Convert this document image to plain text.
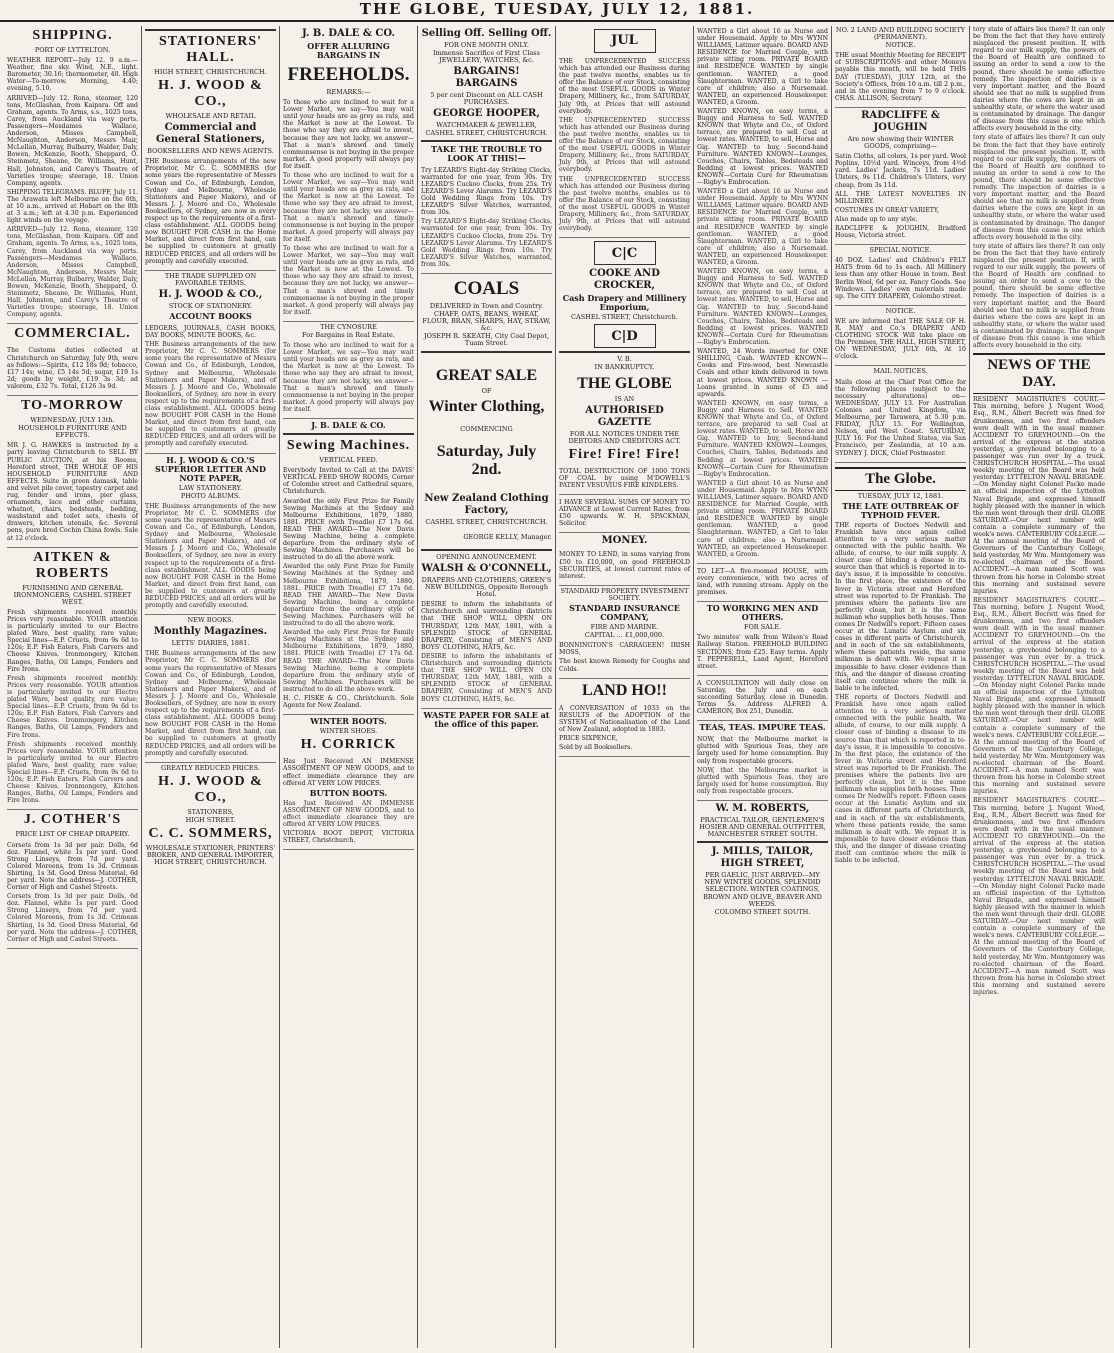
THE GLOBE, TUESDAY, JULY 12, 1881.
SHIPPING.
PORT OF LYTTELTON.

WEATHER REPORT—July 12. 9 a.m.—Weather, fine sky. Wind, N.E., light. Barometer, 30.16; thermometer, 40. High Water—To-morrow. Morning, 4.40; evening, 5.10.

ARRIVED—July 12. Rona, steamer, 120 tons, McGlashan, from Kaipara. Off and Graham, agents. To Arms, s.s., 1025 tons, Carey, from Auckland via way ports. Passengers—Mesdames Wallace, Anderson, Misses Campbell, McNaughton, Anderson, Messrs Mair, McLellan, Murray, Bulbarry, Walder, Daly, Bowen, McKenzie, Booth, Sheppard, O. Steinmetz, Sheane, Dr. Williams, Hunt, Hall, Johnston, and Carey's Theatre of Varieties troupe; steerage, 18. Union Company, agents.

SHIPPING TELEGRAMS. BLUFF, July 11. The Arawata left Melbourne on the 6th, at 10 a.m., arrived at Hobart on the 8th at 3 a.m.; left at 4.30 p.m. Experienced light winds on the voyage.

ARRIVED—July 12. Rona, steamer, 120 tons, McGlashan, from Kaipara. Off and Graham, agents. To Arms, s.s., 1025 tons, Carey, from Auckland via way ports. Passengers—Mesdames Wallace, Anderson, Misses Campbell, McNaughton, Anderson, Messrs Mair, McLellan, Murray, Bulbarry, Walder, Daly, Bowen, McKenzie, Booth, Sheppard, O. Steinmetz, Sheane, Dr. Williams, Hunt, Hall, Johnston, and Carey's Theatre of Varieties troupe; steerage, 18. Union Company, agents.

COMMERCIAL.

The Customs duties collected at Christchurch on Saturday, July 9th, were as follows:—Spirits, £12 18s 9d; tobacco, £17 14s; wine, £5 14s 5d; sugar, £19 1s 2d; goods by weight, £19 3s 3d; ad valorem, £32 7s. Total, £126 3s 9d.

TO-MORROW
WEDNESDAY, JULY 13th.
HOUSEHOLD FURNITURE AND EFFECTS.

MR J. G. HAWKES is instructed by a party leaving Christchurch to SELL BY PUBLIC AUCTION, at his Rooms, Hereford street, THE WHOLE OF HIS HOUSEHOLD FURNITURE AND EFFECTS. Suite in green damask, table and velvet pile cover, tapestry carpet and rug, fender and irons, pier glass, ornaments, lace and other curtains, whatnot, chairs, bedsteads, bedding, washstand and toilet sets, chests of drawers, kitchen utensils, &c. Several pens, pure bred Cochin China fowls. Sale at 12 o'clock.

AITKEN & ROBERTS
FURNISHING AND GENERAL IRONMONGERS, CASHEL STREET WEST.

Fresh shipments received monthly. Prices very reasonable. YOUR attention is particularly invited to our Electro plated Ware, best quality, rare value; Special lines—E.P. Cruets, from 9s 6d to 120s; E.P. Fish Eaters, Fish Carvers and Cheese Knives. Ironmongery, Kitchen Ranges, Baths, Oil Lamps, Fenders and Fire Irons.

Fresh shipments received monthly. Prices very reasonable. YOUR attention is particularly invited to our Electro plated Ware, best quality, rare value; Special lines—E.P. Cruets, from 9s 6d to 120s; E.P. Fish Eaters, Fish Carvers and Cheese Knives. Ironmongery, Kitchen Ranges, Baths, Oil Lamps, Fenders and Fire Irons.

Fresh shipments received monthly. Prices very reasonable. YOUR attention is particularly invited to our Electro plated Ware, best quality, rare value; Special lines—E.P. Cruets, from 9s 6d to 120s; E.P. Fish Eaters, Fish Carvers and Cheese Knives. Ironmongery, Kitchen Ranges, Baths, Oil Lamps, Fenders and Fire Irons.

J. COTHER'S
PRICE LIST OF CHEAP DRAPERY.

Corsets from 1s 3d per pair. Dolls, 6d doz. Flannel, white 1s per yard. Good Strong Linseys, from 7d per yard. Colored Moreens, from 1s 3d. Crimean Shirting, 1s 3d. Good Dress Material, 6d per yard. Note the address—J. COTHER, Corner of High and Cashel Streets.

Corsets from 1s 3d per pair. Dolls, 6d doz. Flannel, white 1s per yard. Good Strong Linseys, from 7d per yard. Colored Moreens, from 1s 3d. Crimean Shirting, 1s 3d. Good Dress Material, 6d per yard. Note the address—J. COTHER, Corner of High and Cashel Streets.

STATIONERS' HALL.
HIGH STREET, CHRISTCHURCH.
H. J. WOOD & CO.,
WHOLESALE AND RETAIL
Commercial and General Stationers,
BOOKSELLERS AND NEWS AGENTS.

THE Business arrangements of the new Proprietor, Mr C. C. SOMMERS (for some years the representative of Messrs Cowan and Co., of Edinburgh, London, Sydney and Melbourne, Wholesale Stationers and Paper Makers), and of Messrs J. J. Moore and Co., Wholesale Booksellers, of Sydney, are now in every respect up to the requirements of a first-class establishment. ALL GOODS being now BOUGHT FOR CASH in the Home Market, and direct from first hand, can be supplied to customers at greatly REDUCED PRICES, and all orders will be promptly and carefully executed.

THE TRADE SUPPLIED ON FAVORABLE TERMS.
H. J. WOOD & CO.,
STOCK OF STATIONERY.
ACCOUNT BOOKS

LEDGERS, JOURNALS, CASH BOOKS, DAY BOOKS, MINUTE BOOKS, &c.

THE Business arrangements of the new Proprietor, Mr C. C. SOMMERS (for some years the representative of Messrs Cowan and Co., of Edinburgh, London, Sydney and Melbourne, Wholesale Stationers and Paper Makers), and of Messrs J. J. Moore and Co., Wholesale Booksellers, of Sydney, are now in every respect up to the requirements of a first-class establishment. ALL GOODS being now BOUGHT FOR CASH in the Home Market, and direct from first hand, can be supplied to customers at greatly REDUCED PRICES, and all orders will be promptly and carefully executed.

H. J. WOOD & CO.'S SUPERIOR LETTER AND NOTE PAPER,
LAW STATIONERY.
PHOTO ALBUMS.

THE Business arrangements of the new Proprietor, Mr C. C. SOMMERS (for some years the representative of Messrs Cowan and Co., of Edinburgh, London, Sydney and Melbourne, Wholesale Stationers and Paper Makers), and of Messrs J. J. Moore and Co., Wholesale Booksellers, of Sydney, are now in every respect up to the requirements of a first-class establishment. ALL GOODS being now BOUGHT FOR CASH in the Home Market, and direct from first hand, can be supplied to customers at greatly REDUCED PRICES, and all orders will be promptly and carefully executed.

NEW BOOKS.
Monthly Magazines.
LETTS' DIARIES, 1881.

THE Business arrangements of the new Proprietor, Mr C. C. SOMMERS (for some years the representative of Messrs Cowan and Co., of Edinburgh, London, Sydney and Melbourne, Wholesale Stationers and Paper Makers), and of Messrs J. J. Moore and Co., Wholesale Booksellers, of Sydney, are now in every respect up to the requirements of a first-class establishment. ALL GOODS being now BOUGHT FOR CASH in the Home Market, and direct from first hand, can be supplied to customers at greatly REDUCED PRICES, and all orders will be promptly and carefully executed.

GREATLY REDUCED PRICES.
H. J. WOOD & CO.,
STATIONERS,
HIGH STREET.
C. C. SOMMERS,
WHOLESALE STATIONER, PRINTERS' BROKER, AND GENERAL IMPORTER, HIGH STREET, CHRISTCHURCH.
J. B. DALE & CO.
OFFER ALLURING BARGAINS IN
FREEHOLDS.
REMARKS:—

To those who are inclined to wait for a Lower Market, we say—You may wait until your heads are as grey as rats, and the Market is now at the Lowest. To those who say they are afraid to invest, because they are not lucky, we answer—That a man's shrewd and timely commonsense is not buying in the proper market. A good property will always pay for itself.

To those who are inclined to wait for a Lower Market, we say—You may wait until your heads are as grey as rats, and the Market is now at the Lowest. To those who say they are afraid to invest, because they are not lucky, we answer—That a man's shrewd and timely commonsense is not buying in the proper market. A good property will always pay for itself.

To those who are inclined to wait for a Lower Market, we say—You may wait until your heads are as grey as rats, and the Market is now at the Lowest. To those who say they are afraid to invest, because they are not lucky, we answer—That a man's shrewd and timely commonsense is not buying in the proper market. A good property will always pay for itself.

THE CYNOSURE
For Bargains in Real Estate.

To those who are inclined to wait for a Lower Market, we say—You may wait until your heads are as grey as rats, and the Market is now at the Lowest. To those who say they are afraid to invest, because they are not lucky, we answer—That a man's shrewd and timely commonsense is not buying in the proper market. A good property will always pay for itself.

J. B. DALE & CO.
Sewing Machines.
VERTICAL FEED.

Everybody Invited to Call at the DAVIS' VERTICAL FEED SHOW ROOMS, Corner of Colombo street and Cathedral square, Christchurch.

Awarded the only First Prize for Family Sewing Machines at the Sydney and Melbourne Exhibitions, 1879, 1880, 1881. PRICE (with Treadle) £7 17s 6d. READ THE AWARD—The New Davis Sewing Machine, being a complete departure from the ordinary style of Sewing Machines. Purchasers will be instructed to do all the above work.

Awarded the only First Prize for Family Sewing Machines at the Sydney and Melbourne Exhibitions, 1879, 1880, 1881. PRICE (with Treadle) £7 17s 6d. READ THE AWARD—The New Davis Sewing Machine, being a complete departure from the ordinary style of Sewing Machines. Purchasers will be instructed to do all the above work.

Awarded the only First Prize for Family Sewing Machines at the Sydney and Melbourne Exhibitions, 1879, 1880, 1881. PRICE (with Treadle) £7 17s 6d. READ THE AWARD—The New Davis Sewing Machine, being a complete departure from the ordinary style of Sewing Machines. Purchasers will be instructed to do all the above work.

H. C. FISKE & CO., Christchurch. Sole Agents for New Zealand.

WINTER BOOTS.
WINTER SHOES.
H. CORRICK

Has Just Received AN IMMENSE ASSORTMENT OF NEW GOODS, and to effect immediate clearance they are offered AT VERY LOW PRICES.

BUTTON BOOTS.

Has Just Received AN IMMENSE ASSORTMENT OF NEW GOODS, and to effect immediate clearance they are offered AT VERY LOW PRICES.

VICTORIA BOOT DEPOT, VICTORIA STREET, Christchurch.

Selling Off. Selling Off.
FOR ONE MONTH ONLY.
Immense Sacrifice of First Class JEWELLERY, WATCHES, &c.
BARGAINS! BARGAINS
5 per cent Discount on ALL CASH PURCHASES.
GEORGE HOOPER,
WATCHMAKER & JEWELLER, CASHEL STREET, CHRISTCHURCH.
TAKE THE TROUBLE TO LOOK AT THIS!—

Try LEZARD'S Eight-day Striking Clocks, warranted for one year, from 30s. Try LEZARD'S Cuckoo Clocks, from 25s. Try LEZARD'S Lever Alarums. Try LEZARD'S Gold Wedding Rings from 10s. Try LEZARD'S Silver Watches, warranted, from 30s.

Try LEZARD'S Eight-day Striking Clocks, warranted for one year, from 30s. Try LEZARD'S Cuckoo Clocks, from 25s. Try LEZARD'S Lever Alarums. Try LEZARD'S Gold Wedding Rings from 10s. Try LEZARD'S Silver Watches, warranted, from 30s.

COALS
DELIVERED in Town and Country.
CHAFF, OATS, BEANS, WHEAT, FLOUR, BRAN, SHARPS, HAY, STRAW, &c.
JOSEPH R. SKEATH, City Coal Depot, Tuam Street.
GREAT SALE
OF
Winter Clothing,
COMMENCING
Saturday, July 2nd.
New Zealand Clothing Factory,
CASHEL STREET, CHRISTCHURCH.
GEORGE KELLY, Manager.
OPENING ANNOUNCEMENT.
WALSH & O'CONNELL,
DRAPERS AND CLOTHIERS, GREEN'S NEW BUILDINGS, Opposite Borough Hotel.

DESIRE to inform the inhabitants of Christchurch and surrounding districts that THE SHOP WILL OPEN ON THURSDAY, 12th MAY, 1881, with a SPLENDID STOCK of GENERAL DRAPERY, Consisting of MEN'S AND BOYS' CLOTHING, HATS, &c.

DESIRE to inform the inhabitants of Christchurch and surrounding districts that THE SHOP WILL OPEN ON THURSDAY, 12th MAY, 1881, with a SPLENDID STOCK of GENERAL DRAPERY, Consisting of MEN'S AND BOYS' CLOTHING, HATS, &c.

WASTE PAPER FOR SALE at the office of this paper.
JUL

THE UNPRECEDENTED SUCCESS which has attended our Business during the past twelve months, enables us to offer the Balance of our Stock, consisting of the most USEFUL GOODS in Winter Drapery, Millinery, &c., from SATURDAY, July 9th, at Prices that will astound everybody.

THE UNPRECEDENTED SUCCESS which has attended our Business during the past twelve months, enables us to offer the Balance of our Stock, consisting of the most USEFUL GOODS in Winter Drapery, Millinery, &c., from SATURDAY, July 9th, at Prices that will astound everybody.

THE UNPRECEDENTED SUCCESS which has attended our Business during the past twelve months, enables us to offer the Balance of our Stock, consisting of the most USEFUL GOODS in Winter Drapery, Millinery, &c., from SATURDAY, July 9th, at Prices that will astound everybody.

C|C
COOKE AND CROCKER,
Cash Drapery and Millinery Emporium,
CASHEL STREET, Christchurch.
C|D
V. B.
IN BANKRUPTCY.
THE GLOBE
IS AN
AUTHORISED GAZETTE
FOR ALL NOTICES UNDER THE DEBTORS AND CREDITORS ACT.
Fire! Fire! Fire!

TOTAL DESTRUCTION OF 1000 TONS OF COAL by using M'DOWELL'S PATENT VESUVIUS FIRE KINDLERS.

I HAVE SEVERAL SUMS OF MONEY TO ADVANCE at Lowest Current Rates, from £50 upwards. W. H. SPACKMAN, Solicitor.

MONEY.

MONEY TO LEND, in sums varying from £50 to £10,000, on good FREEHOLD SECURITIES, at lowest current rates of interest.

STANDARD PROPERTY INVESTMENT SOCIETY.
STANDARD INSURANCE COMPANY,
FIRE AND MARINE.
CAPITAL ... £1,000,000.

BONNINGTON'S CARRAGEEN! IRISH MOSS,

The best known Remedy for Coughs and Colds.

LAND HO!!

A CONVERSATION of 1033 on the RESULTS of the ADOPTION of the SYSTEM of Nationalisation of the Land of New Zealand, adopted in 1883.

PRICE SIXPENCE,

Sold by all Booksellers.

WANTED a Girl about 16 as Nurse and under Housemaid. Apply to Mrs WYNN WILLIAMS, Latimer square. BOARD AND RESIDENCE for Married Couple, with private sitting room. PRIVATE BOARD and RESIDENCE WANTED by single gentleman. WANTED, a good Slaughterman. WANTED, a Girl to take care of children; also a Nursemaid. WANTED, an experienced Housekeeper. WANTED, a Groom.

WANTED KNOWN, on easy terms, a Buggy and Harness to Sell. WANTED KNOWN that Whyte and Co., of Oxford terrace, are prepared to sell Coal at lowest rates. WANTED, to sell, Horse and Gig. WANTED to buy, Second-hand Furniture. WANTED KNOWN—Lounges, Couches, Chairs, Tables, Bedsteads and Bedding at lowest prices. WANTED KNOWN—Certain Cure for Rheumatism—Rigby's Embrocation.

WANTED a Girl about 16 as Nurse and under Housemaid. Apply to Mrs WYNN WILLIAMS, Latimer square. BOARD AND RESIDENCE for Married Couple, with private sitting room. PRIVATE BOARD and RESIDENCE WANTED by single gentleman. WANTED, a good Slaughterman. WANTED, a Girl to take care of children; also a Nursemaid. WANTED, an experienced Housekeeper. WANTED, a Groom.

WANTED KNOWN, on easy terms, a Buggy and Harness to Sell. WANTED KNOWN that Whyte and Co., of Oxford terrace, are prepared to sell Coal at lowest rates. WANTED, to sell, Horse and Gig. WANTED to buy, Second-hand Furniture. WANTED KNOWN—Lounges, Couches, Chairs, Tables, Bedsteads and Bedding at lowest prices. WANTED KNOWN—Certain Cure for Rheumatism—Rigby's Embrocation.

WANTED, 24 Words inserted for ONE SHILLING, Cash. WANTED KNOWN—Cooks and Fire-wood, best Newcastle Coals and other kinds delivered in town at lowest prices. WANTED KNOWN — Loans granted in sums of £5 and upwards.

WANTED KNOWN, on easy terms, a Buggy and Harness to Sell. WANTED KNOWN that Whyte and Co., of Oxford terrace, are prepared to sell Coal at lowest rates. WANTED, to sell, Horse and Gig. WANTED to buy, Second-hand Furniture. WANTED KNOWN—Lounges, Couches, Chairs, Tables, Bedsteads and Bedding at lowest prices. WANTED KNOWN—Certain Cure for Rheumatism—Rigby's Embrocation.

WANTED a Girl about 16 as Nurse and under Housemaid. Apply to Mrs WYNN WILLIAMS, Latimer square. BOARD AND RESIDENCE for Married Couple, with private sitting room. PRIVATE BOARD and RESIDENCE WANTED by single gentleman. WANTED, a good Slaughterman. WANTED, a Girl to take care of children; also a Nursemaid. WANTED, an experienced Housekeeper. WANTED, a Groom.

TO LET—A five-roomed HOUSE, with every convenience, with two acres of land, with running stream. Apply on the premises.

TO WORKING MEN AND OTHERS.
FOR SALE.

Two minutes' walk from Wilson's Road Railway Station. FREEHOLD BUILDING SECTIONS, from £25. Easy terms. Apply T. PEPPERELL, Land Agent, Hereford street.

A CONSULTATION will daily close on Saturday, the July and on each succeeding Saturday, close in Dunedin. Terms 5s. Address ALFRED A. CAMERON, Box 251, Dunedin.

TEAS, TEAS. IMPURE TEAS.

NOW, that the Melbourne market is glutted with Spurious Teas, they are largely used for home consumption. Buy only from respectable grocers.

NOW, that the Melbourne market is glutted with Spurious Teas, they are largely used for home consumption. Buy only from respectable grocers.

W. M. ROBERTS,
PRACTICAL TAILOR, GENTLEMEN'S HOSIER AND GENERAL OUTFITTER, MANCHESTER STREET SOUTH.
J. MILLS, TAILOR, HIGH STREET,
PER GAELIC, JUST ARRIVED—MY NEW WINTER GOODS, SPLENDID SELECTION. WINTER COATINGS, BROWN AND OLIVE, BEAVER AND WEEDS.
COLOMBO STREET SOUTH.
NO. 2 LAND AND BUILDING SOCIETY (PERMANENT).
NOTICE.

THE usual Monthly Meeting for RECEIPT of SUBSCRIPTIONS and other Moneys payable this month, will be held THIS DAY (TUESDAY), JULY 12th, at the Society's Offices, from 10 a.m. till 2 p.m., and in the evening from 7 to 9 o'clock. CHAS. ALLISON, Secretary.

RADCLIFFE & JOUGHIN
Are now showing their WINTER GOODS, comprising—

Satin Cloths, all colors, 1s per yard. Wool Poplins, 10½d yard. Winceys, from 4½d yard. Ladies' Jackets, 7s 11d. Ladies' Ulsters, 9s 11d. Children's Ulsters, very cheap, from 3s 11d.

ALL THE LATEST NOVELTIES IN MILLINERY.

COSTUMES IN GREAT VARIETY,

Also made up to any style.

RADCLIFFE & JOUGHIN, Bradford House, Victoria street.

SPECIAL NOTICE.

40 DOZ. Ladies' and Children's FELT HATS from 6d to 1s each. All Millinery less than any other House in town. Best Berlin Wool, 6d per oz. Fancy Goods. See Windows. Ladies' own materials made up. The CITY DRAPERY, Colombo street.

NOTICE.

WE are informed that THE SALE OF H. R. MAY and Co.'s DRAPERY AND CLOTHING STOCK Will take place on the Premises, THE HALL, HIGH STREET, ON WEDNESDAY, JULY 6th, At 10 o'clock.

MAIL NOTICES.

Mails close at the Chief Post Office for the following places (subject to the necessary alterations) on— WEDNESDAY, JULY 13. For Australian Colonies and United Kingdom, via Melbourne, per Tarawera, at 5.30 p.m. FRIDAY, JULY 15. For Wellington, Nelson, and West Coast. SATURDAY, JULY 16. For the United States, via San Francisco, per Zealandia, at 10 a.m. SYDNEY J. DICK, Chief Postmaster.

The Globe.
TUESDAY, JULY 12, 1881.
THE LATE OUTBREAK OF TYPHOID FEVER.

THE reports of Doctors Nedwill and Frankish have once again called attention to a very serious matter connected with the public health. We allude, of course, to our milk supply. A closer case of binding a disease to its source than that which is reported in to-day's issue, it is impossible to conceive. In the first place, the existence of the fever in Victoria street and Hereford street was reported to Dr Frankish. The premises where the patients live are perfectly clean, but it is the same milkman who supplies both houses. Then comes Dr Nedwill's report. Fifteen cases occur at the Lunatic Asylum and six cases in different parts of Christchurch, and in each of the six establishments, where these patients reside, the same milkman is dealt with. We repeat it is impossible to have closer evidence than this, and the danger of disease creating itself can continue where the milk is liable to be infected.

THE reports of Doctors Nedwill and Frankish have once again called attention to a very serious matter connected with the public health. We allude, of course, to our milk supply. A closer case of binding a disease to its source than that which is reported in to-day's issue, it is impossible to conceive. In the first place, the existence of the fever in Victoria street and Hereford street was reported to Dr Frankish. The premises where the patients live are perfectly clean, but it is the same milkman who supplies both houses. Then comes Dr Nedwill's report. Fifteen cases occur at the Lunatic Asylum and six cases in different parts of Christchurch, and in each of the six establishments, where these patients reside, the same milkman is dealt with. We repeat it is impossible to have closer evidence than this, and the danger of disease creating itself can continue where the milk is liable to be infected.

tory state of affairs lies there? It can only be from the fact that they have entirely misplaced the present position. If, with regard to our milk supply, the powers of the Board of Health are confined to issuing an order to send a cow to the pound, there should be some effective remedy. The inspection of dairies is a very important matter, and the Board should see that no milk is supplied from dairies where the cows are kept in an unhealthy state, or where the water used is contaminated by drainage. The danger of disease from this cause is one which affects every household in the city.

tory state of affairs lies there? It can only be from the fact that they have entirely misplaced the present position. If, with regard to our milk supply, the powers of the Board of Health are confined to issuing an order to send a cow to the pound, there should be some effective remedy. The inspection of dairies is a very important matter, and the Board should see that no milk is supplied from dairies where the cows are kept in an unhealthy state, or where the water used is contaminated by drainage. The danger of disease from this cause is one which affects every household in the city.

tory state of affairs lies there? It can only be from the fact that they have entirely misplaced the present position. If, with regard to our milk supply, the powers of the Board of Health are confined to issuing an order to send a cow to the pound, there should be some effective remedy. The inspection of dairies is a very important matter, and the Board should see that no milk is supplied from dairies where the cows are kept in an unhealthy state, or where the water used is contaminated by drainage. The danger of disease from this cause is one which affects every household in the city.

NEWS OF THE DAY.

RESIDENT MAGISTRATE'S COURT.—This morning, before J. Nugent Wood, Esq., R.M., Albert Becrett was fined for drunkenness, and two first offenders were dealt with in the usual manner. ACCIDENT TO GREYHOUND.—On the arrival of the express at the station yesterday, a greyhound belonging to a passenger was run over by a truck. CHRISTCHURCH HOSPITAL.—The usual weekly meeting of the Board was held yesterday. LYTTELTON NAVAL BRIGADE.—On Monday night Colonel Packe made an official inspection of the Lyttelton Naval Brigade, and expressed himself highly pleased with the manner in which the men went through their drill. GLOBE SATURDAY.—Our next number will contain a complete summary of the week's news. CANTERBURY COLLEGE.—At the annual meeting of the Board of Governors of the Canterbury College, held yesterday, Mr Wm. Montgomery was re-elected chairman of the Board. ACCIDENT.—A man named Scott was thrown from his horse in Colombo street this morning and sustained severe injuries.

RESIDENT MAGISTRATE'S COURT.—This morning, before J. Nugent Wood, Esq., R.M., Albert Becrett was fined for drunkenness, and two first offenders were dealt with in the usual manner. ACCIDENT TO GREYHOUND.—On the arrival of the express at the station yesterday, a greyhound belonging to a passenger was run over by a truck. CHRISTCHURCH HOSPITAL.—The usual weekly meeting of the Board was held yesterday. LYTTELTON NAVAL BRIGADE.—On Monday night Colonel Packe made an official inspection of the Lyttelton Naval Brigade, and expressed himself highly pleased with the manner in which the men went through their drill. GLOBE SATURDAY.—Our next number will contain a complete summary of the week's news. CANTERBURY COLLEGE.—At the annual meeting of the Board of Governors of the Canterbury College, held yesterday, Mr Wm. Montgomery was re-elected chairman of the Board. ACCIDENT.—A man named Scott was thrown from his horse in Colombo street this morning and sustained severe injuries.

RESIDENT MAGISTRATE'S COURT.—This morning, before J. Nugent Wood, Esq., R.M., Albert Becrett was fined for drunkenness, and two first offenders were dealt with in the usual manner. ACCIDENT TO GREYHOUND.—On the arrival of the express at the station yesterday, a greyhound belonging to a passenger was run over by a truck. CHRISTCHURCH HOSPITAL.—The usual weekly meeting of the Board was held yesterday. LYTTELTON NAVAL BRIGADE.—On Monday night Colonel Packe made an official inspection of the Lyttelton Naval Brigade, and expressed himself highly pleased with the manner in which the men went through their drill. GLOBE SATURDAY.—Our next number will contain a complete summary of the week's news. CANTERBURY COLLEGE.—At the annual meeting of the Board of Governors of the Canterbury College, held yesterday, Mr Wm. Montgomery was re-elected chairman of the Board. ACCIDENT.—A man named Scott was thrown from his horse in Colombo street this morning and sustained severe injuries.
